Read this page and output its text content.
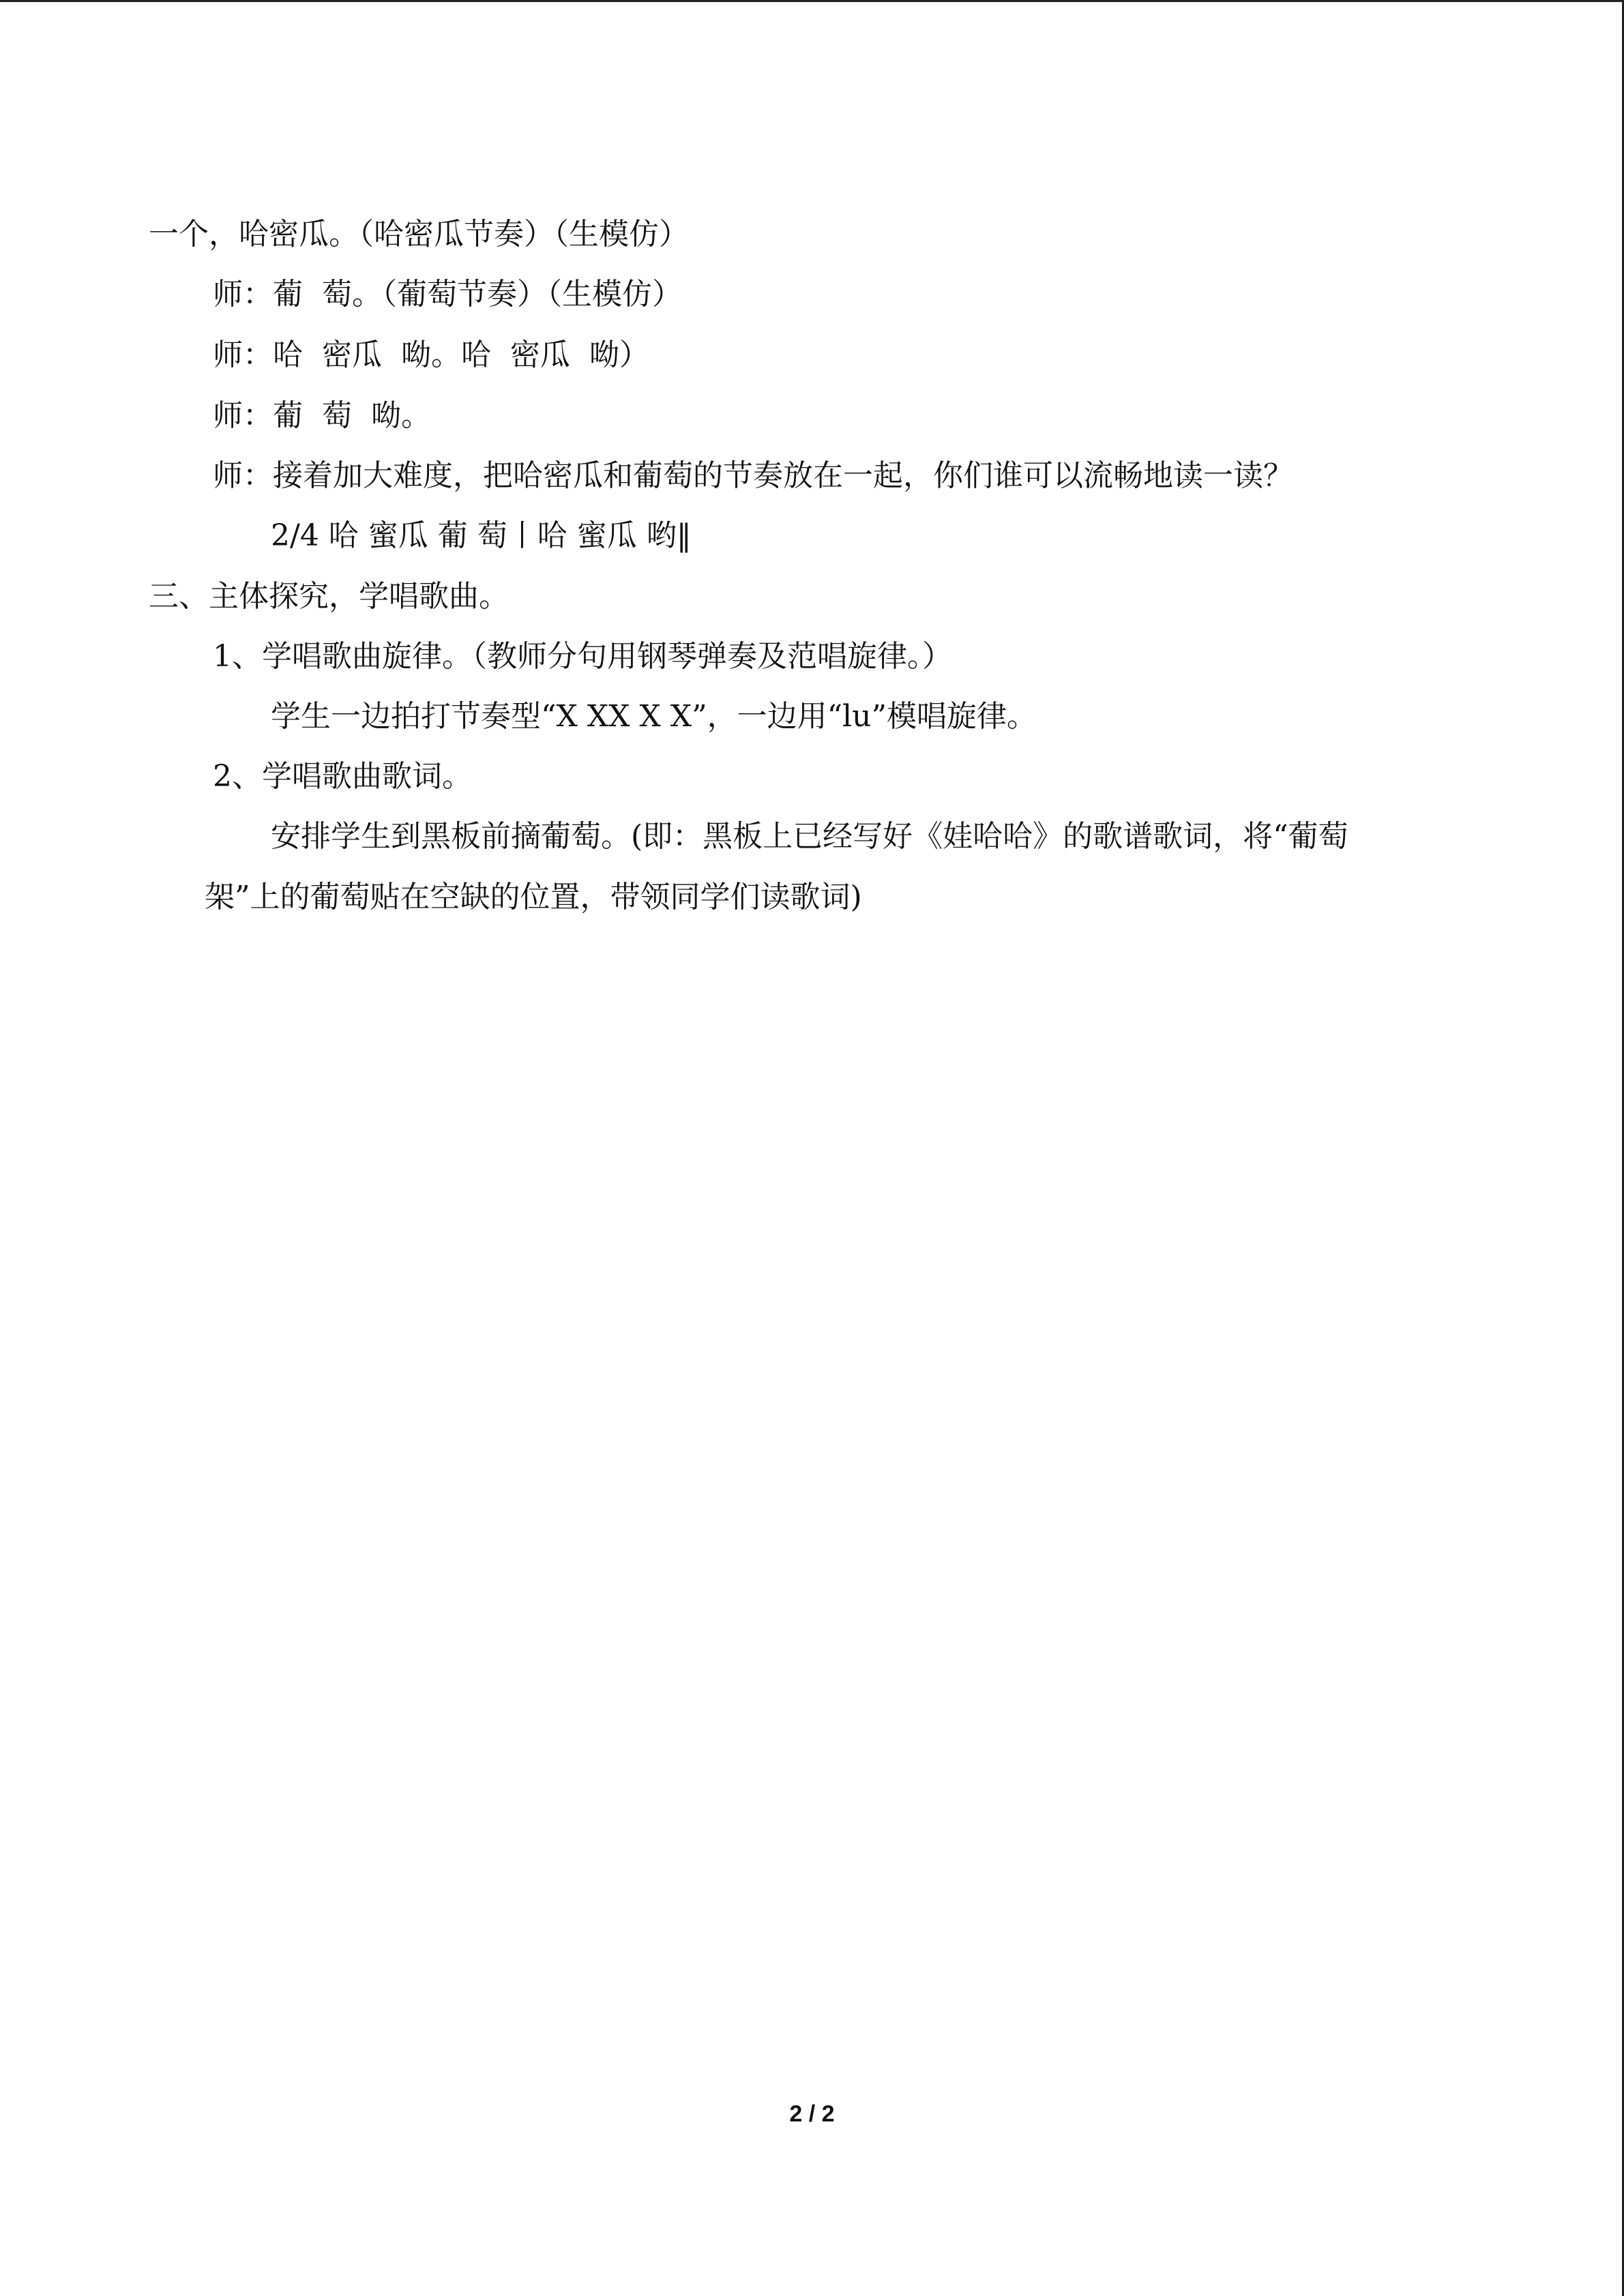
一个，哈密瓜。（哈密瓜节奏）（生模仿）
师：葡  萄。（葡萄节奏）（生模仿）
师：哈  密瓜  呦。哈  密瓜  呦）
师：葡  萄  呦。
师：接着加大难度，把哈密瓜和葡萄的节奏放在一起，你们谁可以流畅地读一读？
2/4 哈 蜜瓜 葡 萄丨哈 蜜瓜 哟‖
三、主体探究，学唱歌曲。
1、学唱歌曲旋律。（教师分句用钢琴弹奏及范唱旋律。）
学生一边拍打节奏型“X XX X X”，一边用“lu”模唱旋律。
2、学唱歌曲歌词。
安排学生到黑板前摘葡萄。(即：黑板上已经写好《娃哈哈》的歌谱歌词，将“葡萄
架”上的葡萄贴在空缺的位置，带领同学们读歌词)
2 / 2
